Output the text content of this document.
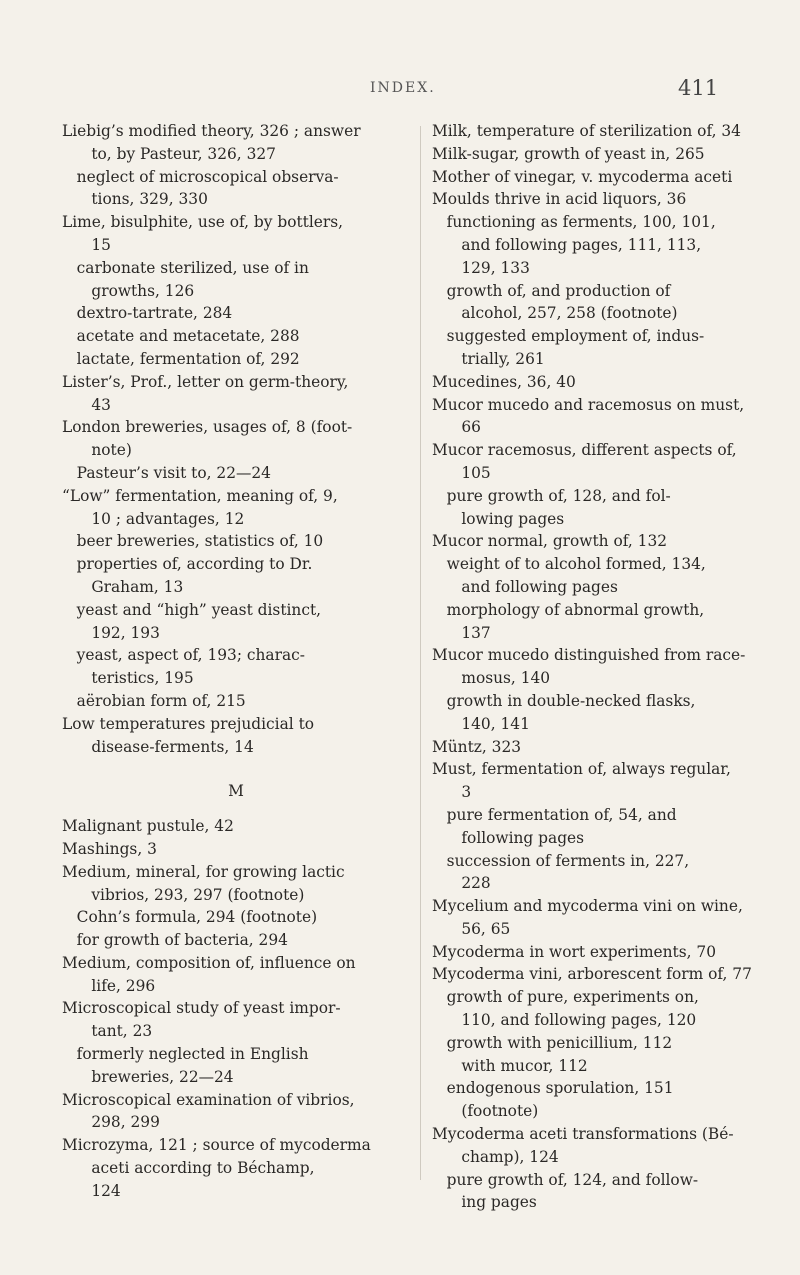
INDEX.	411
Liebig’s modified theory, 326 ; answer
to, by Pasteur, 326, 327
neglect of microscopical observa-
tions, 329, 330
Lime, bisulphite, use of, by bottlers,
15
carbonate sterilized, use of in
growths, 126
dextro-tartrate, 284
acetate and metacetate, 288
lactate, fermentation of, 292
Lister’s, Prof., letter on germ-theory,
43
London breweries, usages of, 8 (foot-
note)
Pasteur’s visit to, 22—24
“Low” fermentation, meaning of, 9,
10 ; advantages, 12
beer breweries, statistics of, 10
properties of, according to Dr.
Graham, 13
yeast and “high” yeast distinct,
192, 193
yeast, aspect of, 193; charac-
teristics, 195
aërobian form of, 215
Low temperatures prejudicial to
disease-ferments, 14
M
Malignant pustule, 42
Mashings, 3
Medium, mineral, for growing lactic
vibrios, 293, 297 (footnote)
Cohn’s formula, 294 (footnote)
for growth of bacteria, 294
Medium, composition of, influence on
life, 296
Microscopical study of yeast impor-
tant, 23
formerly neglected in English
breweries, 22—24
Microscopical examination of vibrios,
298, 299
Microzyma, 121 ; source of mycoderma
aceti according to Béchamp,
124
Milk, temperature of sterilization of, 34
Milk-sugar, growth of yeast in, 265
Mother of vinegar, v. mycoderma aceti
Moulds thrive in acid liquors, 36
functioning as ferments, 100, 101,
and following pages, 111, 113,
129, 133
growth of, and production of
alcohol, 257, 258 (footnote)
suggested employment of, indus-
trially, 261
Mucedines, 36, 40
Mucor mucedo and racemosus on must,
66
Mucor racemosus, different aspects of,
105
pure growth of, 128, and fol-
lowing pages
Mucor normal, growth of, 132
weight of to alcohol formed, 134,
and following pages
morphology of abnormal growth,
137
Mucor mucedo distinguished from race-
mosus, 140
growth in double-necked flasks,
140, 141
Müntz, 323
Must, fermentation of, always regular,
3
pure fermentation of, 54, and
following pages
succession of ferments in, 227,
228
Mycelium and mycoderma vini on wine,
56, 65
Mycoderma in wort experiments, 70
Mycoderma vini, arborescent form of, 77
growth of pure, experiments on,
110, and following pages, 120
growth with penicillium, 112
with mucor, 112
endogenous sporulation, 151
(footnote)
Mycoderma aceti transformations (Bé-
champ), 124
pure growth of, 124, and follow-
ing pages
